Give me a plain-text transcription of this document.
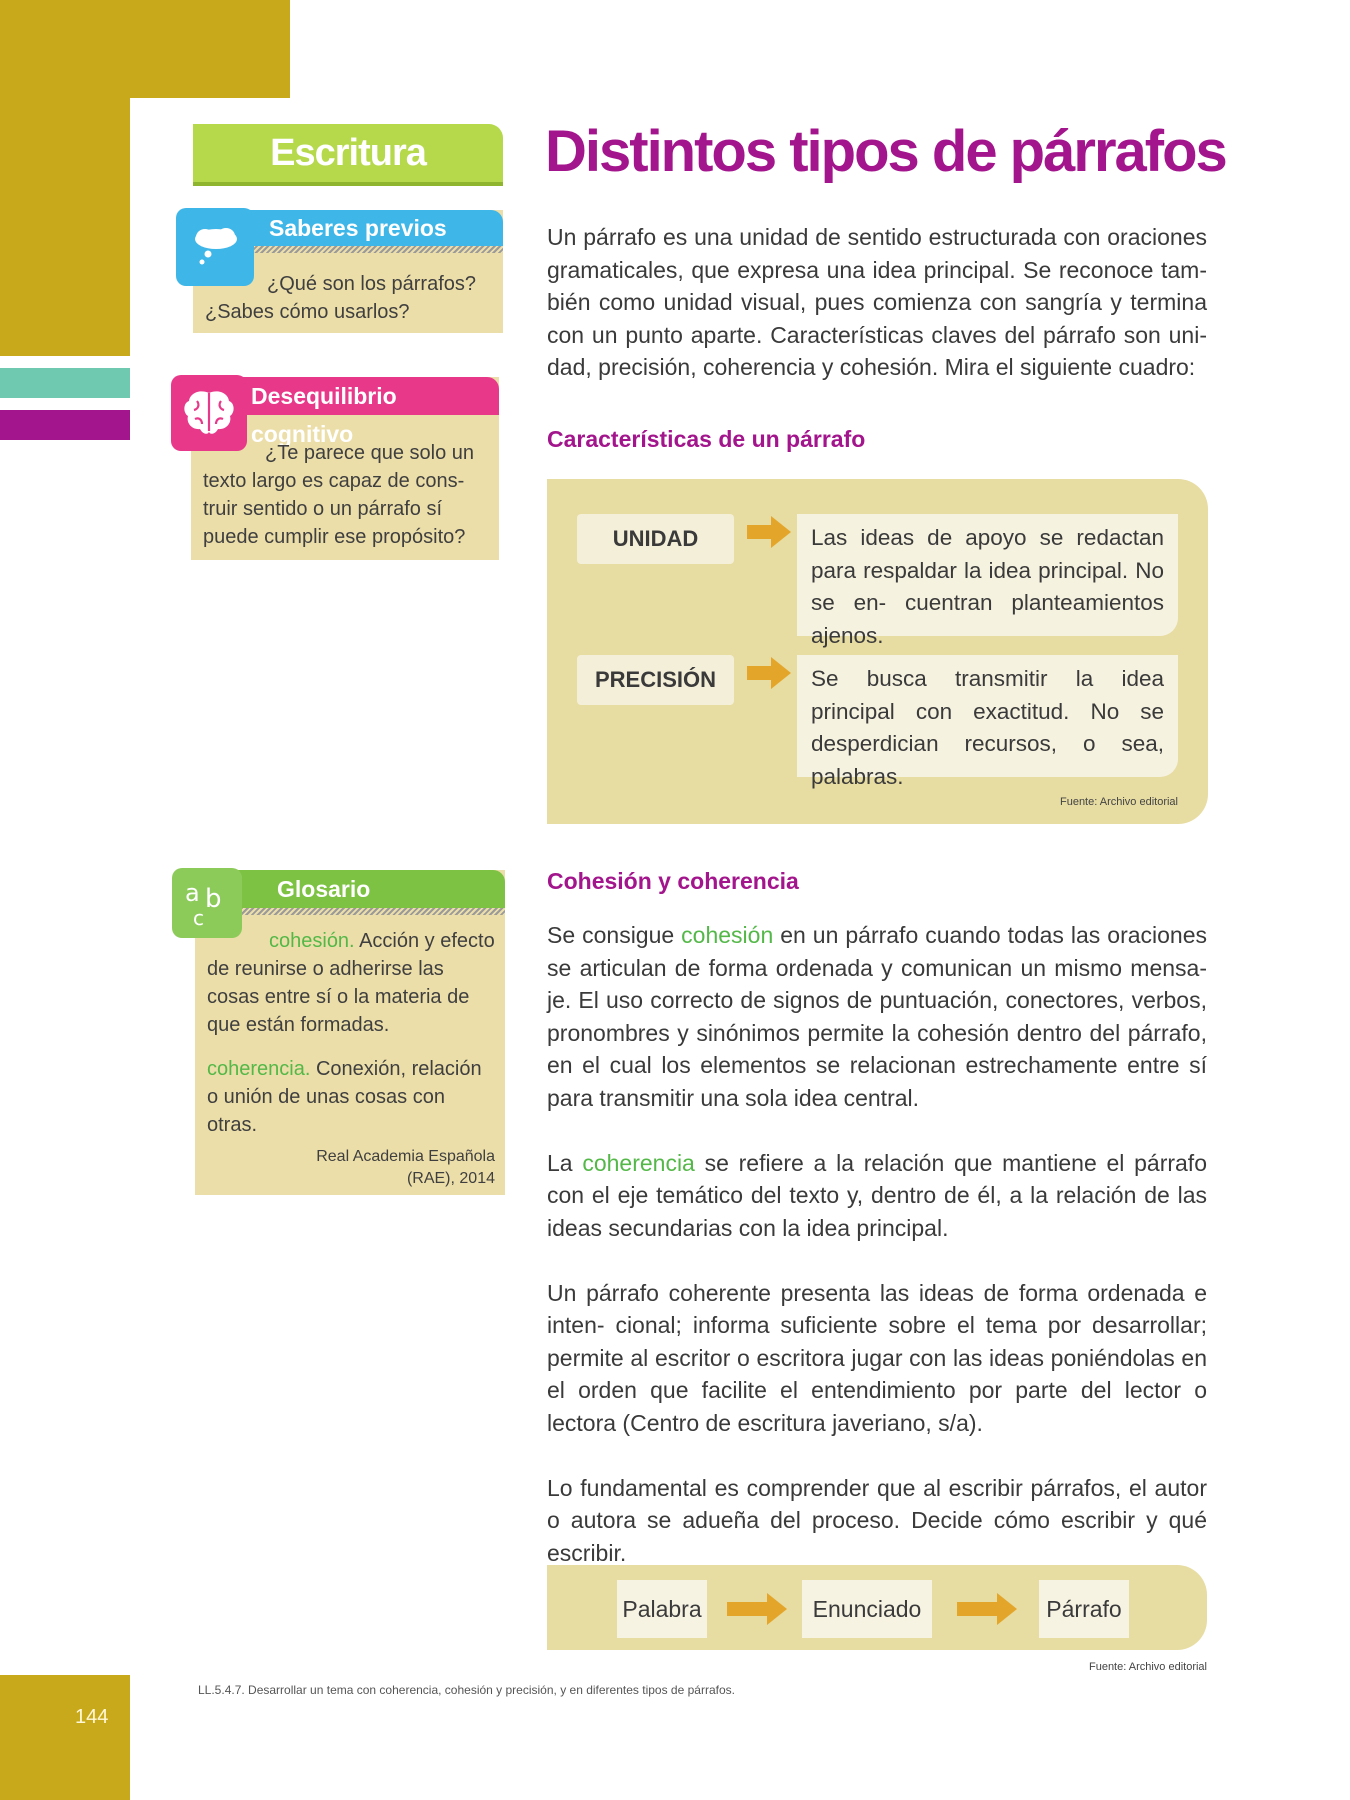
144
Escritura
Saberes previos
¿Qué son los párrafos? ¿Sabes cómo usarlos?
Desequilibrio cognitivo
¿Te parece que solo un texto largo es capaz de cons- truir sentido o un párrafo sí puede cumplir ese propósito?
Glosario
cohesión. Acción y efecto de reunirse o adherirse las cosas entre sí o la materia de que están formadas.
coherencia. Conexión, relación o unión de unas cosas con otras.
Real Academia Española (RAE), 2014
a b
c
Distintos tipos de párrafos
Un párrafo es una unidad de sentido estructurada con oraciones gramaticales, que expresa una idea principal. Se reconoce tam- bién como unidad visual, pues comienza con sangría y termina con un punto aparte. Características claves del párrafo son uni- dad, precisión, coherencia y cohesión. Mira el siguiente cuadro:
Características de un párrafo
UNIDAD	Las ideas de apoyo se redactan para respaldar la idea principal. No se en- cuentran planteamientos ajenos.
PRECISIÓN	Se busca transmitir la idea principal con exactitud. No se desperdician recursos, o sea, palabras.
Fuente: Archivo editorial
Cohesión y coherencia

Se consigue cohesión en un párrafo cuando todas las oraciones se articulan de forma ordenada y comunican un mismo mensa- je. El uso correcto de signos de puntuación, conectores, verbos, pronombres y sinónimos permite la cohesión dentro del párrafo, en el cual los elementos se relacionan estrechamente entre sí para transmitir una sola idea central.

La coherencia se refiere a la relación que mantiene el párrafo con el eje temático del texto y, dentro de él, a la relación de las ideas secundarias con la idea principal.

Un párrafo coherente presenta las ideas de forma ordenada e inten- cional; informa suficiente sobre el tema por desarrollar; permite al escritor o escritora jugar con las ideas poniéndolas en el orden que facilite el entendimiento por parte del lector o lectora (Centro de escritura javeriano, s/a).

Lo fundamental es comprender que al escribir párrafos, el autor o autora se adueña del proceso. Decide cómo escribir y qué escribir.

Palabra	Enunciado	Párrafo
Fuente: Archivo editorial
LL.5.4.7. Desarrollar un tema con coherencia, cohesión y precisión, y en diferentes tipos de párrafos.
